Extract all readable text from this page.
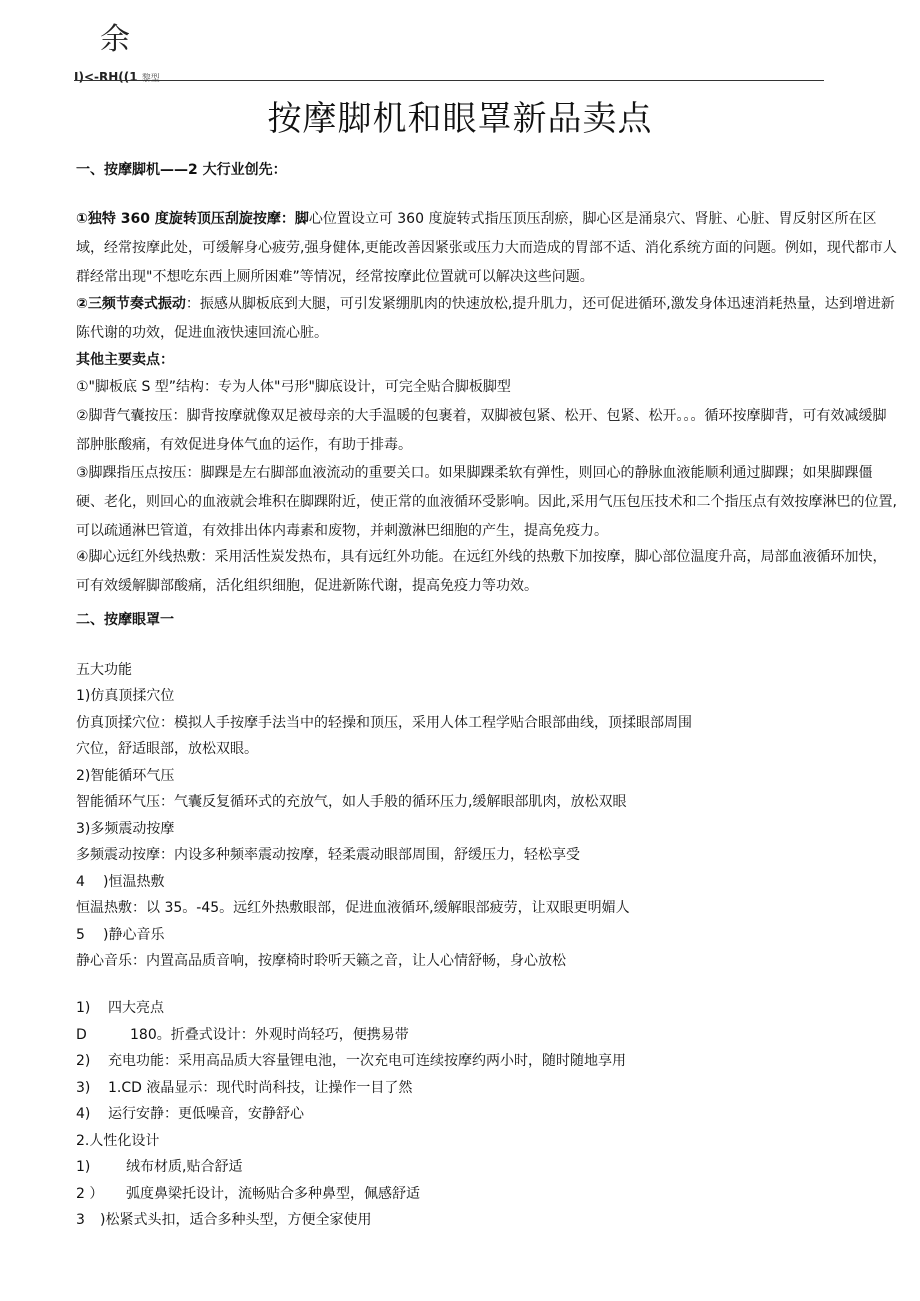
余
I)<-RH((1 黎型
按摩脚机和眼罩新品卖点
一、按摩脚机——2 大行业创先：
①独特 360 度旋转顶压刮旋按摩：脚心位置设立可 360 度旋转式指压顶压刮瘀，脚心区是涌泉穴、肾脏、心脏、胃反射区所在区域，经常按摩此处，可缓解身心疲劳,强身健体,更能改善因紧张或压力大而造成的胃部不适、消化系统方面的问题。例如，现代都市人群经常出现"不想吃东西上厕所困难”等情况，经常按摩此位置就可以解决这些问题。
②三频节奏式振动：振感从脚板底到大腿，可引发紧绷肌肉的快速放松,提升肌力，还可促进循环,激发身体迅速消耗热量，达到增进新陈代谢的功效，促进血液快速回流心脏。
其他主要卖点：
①"脚板底 S 型”结构：专为人体"弓形"脚底设计，可完全贴合脚板脚型
②脚背气囊按压：脚背按摩就像双足被母亲的大手温暖的包裹着，双脚被包紧、松开、包紧、松开。。。循环按摩脚背，可有效减缓脚部肿胀酸痛，有效促进身体气血的运作，有助于排毒。
③脚踝指压点按压：脚踝是左右脚部血液流动的重要关口。如果脚踝柔软有弹性，则回心的静脉血液能顺利通过脚踝；如果脚踝僵硬、老化，则回心的血液就会堆积在脚踝附近，使正常的血液循环受影响。因此,采用气压包压技术和二个指压点有效按摩淋巴的位置,可以疏通淋巴管道，有效排出体内毒素和废物，并刺激淋巴细胞的产生，提高免疫力。
④脚心远红外线热敷：采用活性炭发热布，具有远红外功能。在远红外线的热敷下加按摩，脚心部位温度升高，局部血液循环加快，可有效缓解脚部酸痛，活化组织细胞，促进新陈代谢，提高免疫力等功效。
二、按摩眼罩一
五大功能
1)仿真顶揉穴位
仿真顶揉穴位：模拟人手按摩手法当中的轻操和顶压，采用人体工程学贴合眼部曲线，顶揉眼部周围
穴位，舒适眼部，放松双眼。
2)智能循环气压
智能循环气压：气囊反复循环式的充放气，如人手般的循环压力,缓解眼部肌肉，放松双眼
3)多频震动按摩
多频震动按摩：内设多种频率震动按摩，轻柔震动眼部周围，舒缓压力，轻松享受
4 )恒温热敷
恒温热敷：以 35。-45。远红外热敷眼部，促进血液循环,缓解眼部疲劳，让双眼更明媚人
5 )静心音乐
静心音乐：内置高品质音响，按摩椅时聆听天籁之音，让人心情舒畅，身心放松
1) 四大亮点
D	180。折叠式设计：外观时尚轻巧，便携易带
2) 充电功能：采用高品质大容量锂电池，一次充电可连续按摩约两小时，随时随地享用
3) 1.CD 液晶显示：现代时尚科技，让操作一目了然
4) 运行安静：更低噪音，安静舒心
2.人性化设计
1)	绒布材质,贴合舒适
2 ） 弧度鼻梁托设计，流畅贴合多种鼻型，佩感舒适
3 )松紧式头扣，适合多种头型，方便全家使用
